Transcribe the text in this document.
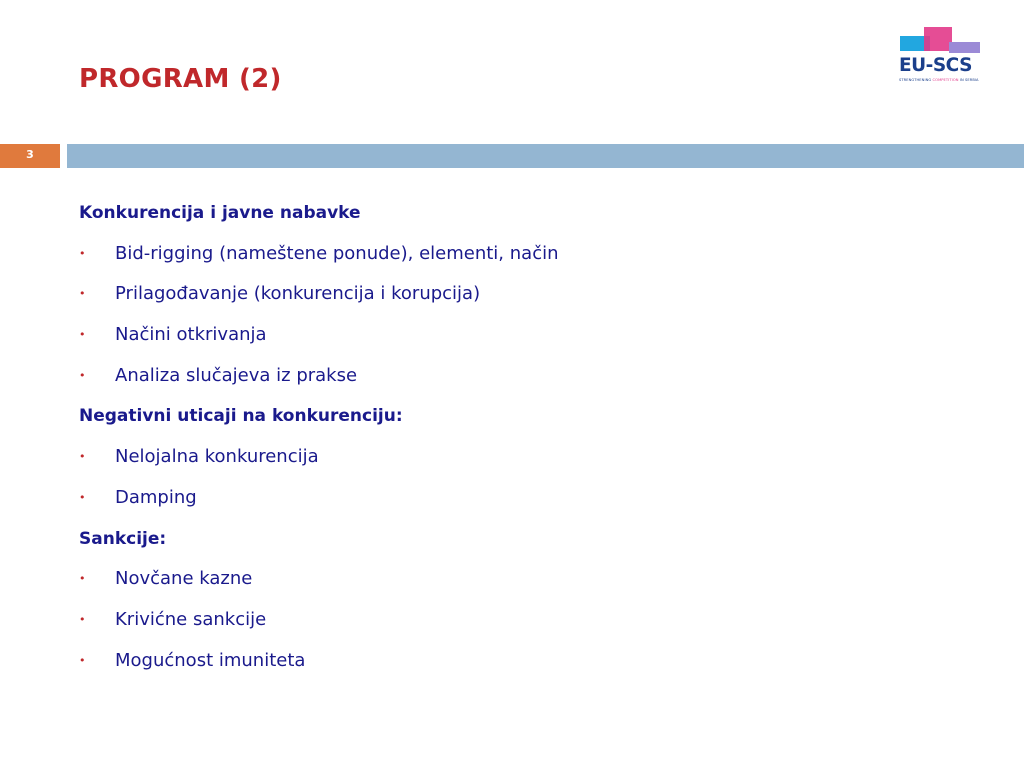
PROGRAM (2)	EU-SCS
STRENGTHENING COMPETITION IN SERBIA
3
Konkurencija i javne nabavke
• Bid-rigging (nameštene ponude), elementi, način
• Prilagođavanje (konkurencija i korupcija)
• Načini otkrivanja
• Analiza slučajeva iz prakse
Negativni uticaji na konkurenciju:
• Nelojalna konkurencija
• Damping
Sankcije:
• Novčane kazne
• Krivićne sankcije
• Mogućnost imuniteta
